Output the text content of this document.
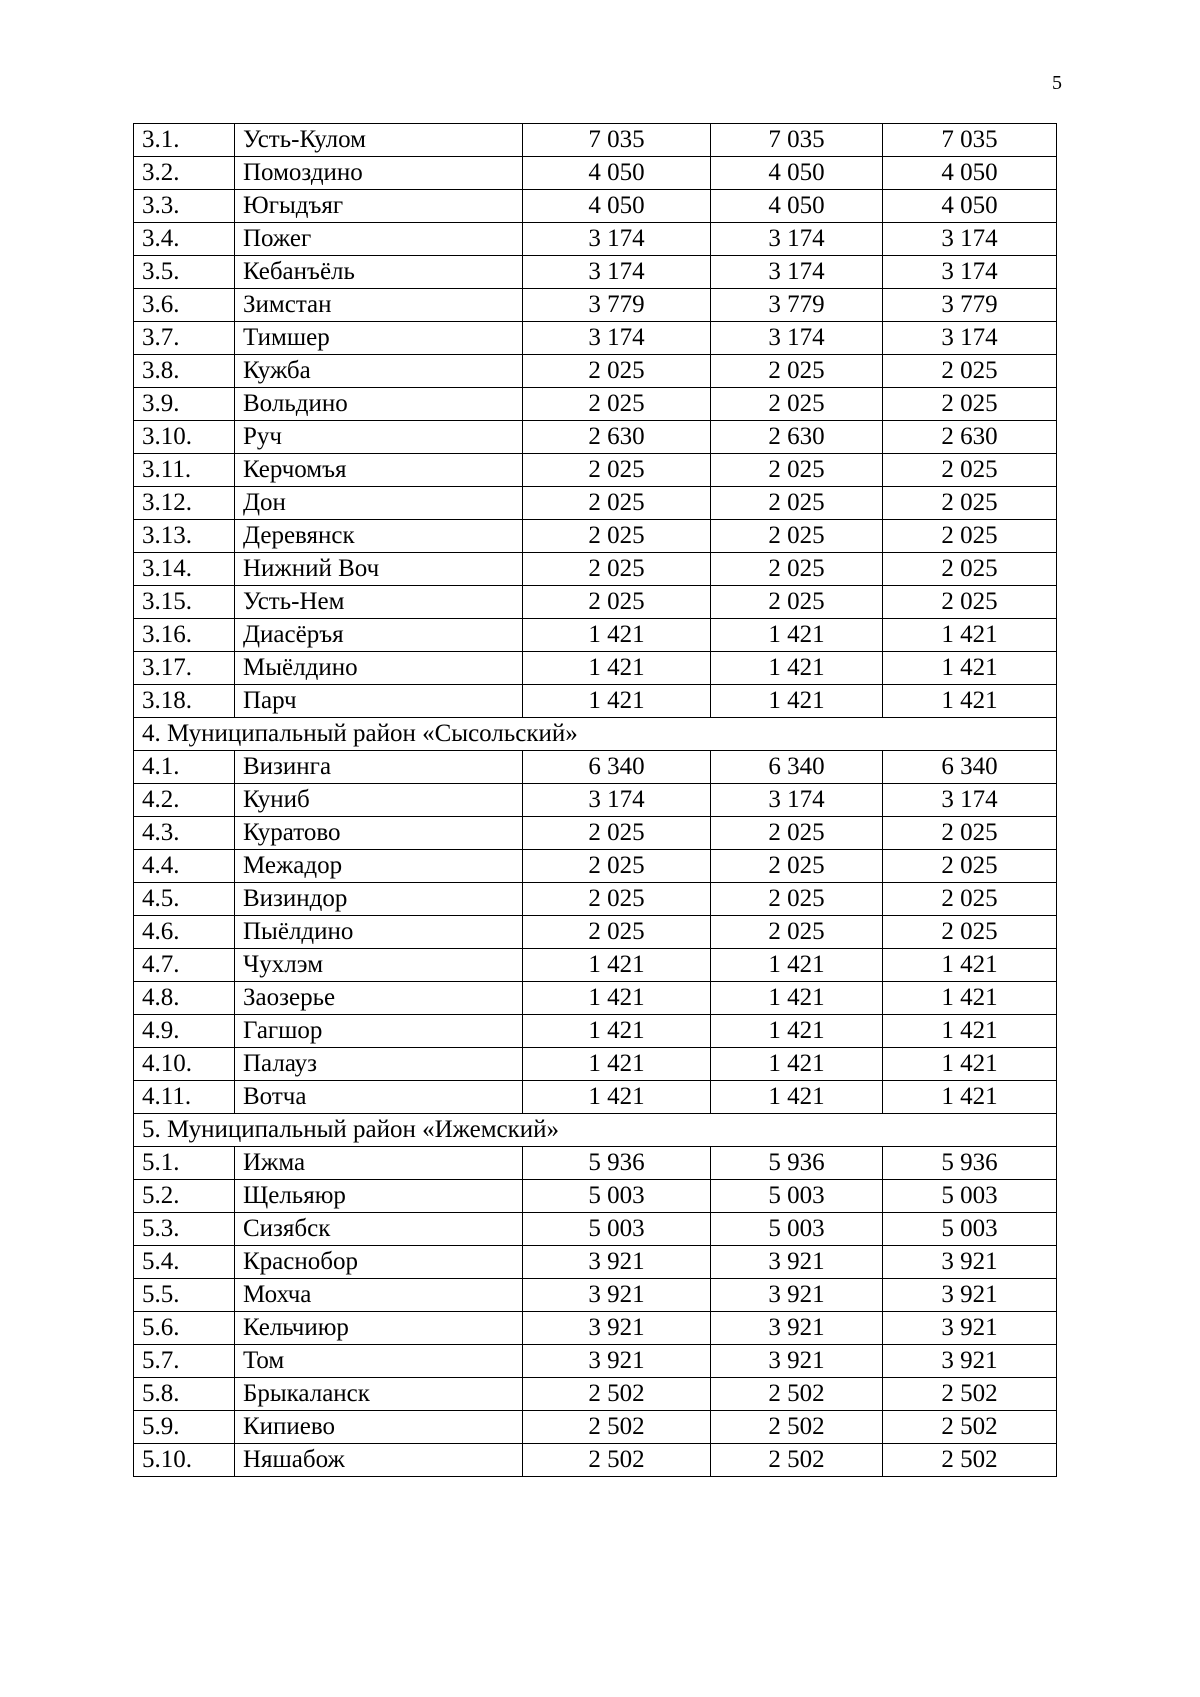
5
3.1.	Усть-Кулом	7 035	7 035	7 035
3.2.	Помоздино	4 050	4 050	4 050
3.3.	Югыдъяг	4 050	4 050	4 050
3.4.	Пожег	3 174	3 174	3 174
3.5.	Кебанъёль	3 174	3 174	3 174
3.6.	Зимстан	3 779	3 779	3 779
3.7.	Тимшер	3 174	3 174	3 174
3.8.	Кужба	2 025	2 025	2 025
3.9.	Вольдино	2 025	2 025	2 025
3.10.	Руч	2 630	2 630	2 630
3.11.	Керчомъя	2 025	2 025	2 025
3.12.	Дон	2 025	2 025	2 025
3.13.	Деревянск	2 025	2 025	2 025
3.14.	Нижний Воч	2 025	2 025	2 025
3.15.	Усть-Нем	2 025	2 025	2 025
3.16.	Диасёръя	1 421	1 421	1 421
3.17.	Мыёлдино	1 421	1 421	1 421
3.18.	Парч	1 421	1 421	1 421
4. Муниципальный район «Сысольский»				
4.1.	Визинга	6 340	6 340	6 340
4.2.	Куниб	3 174	3 174	3 174
4.3.	Куратово	2 025	2 025	2 025
4.4.	Межадор	2 025	2 025	2 025
4.5.	Визиндор	2 025	2 025	2 025
4.6.	Пыёлдино	2 025	2 025	2 025
4.7.	Чухлэм	1 421	1 421	1 421
4.8.	Заозерье	1 421	1 421	1 421
4.9.	Гагшор	1 421	1 421	1 421
4.10.	Палауз	1 421	1 421	1 421
4.11.	Вотча	1 421	1 421	1 421
5. Муниципальный район «Ижемский»				
5.1.	Ижма	5 936	5 936	5 936
5.2.	Щельяюр	5 003	5 003	5 003
5.3.	Сизябск	5 003	5 003	5 003
5.4.	Краснобор	3 921	3 921	3 921
5.5.	Мохча	3 921	3 921	3 921
5.6.	Кельчиюр	3 921	3 921	3 921
5.7.	Том	3 921	3 921	3 921
5.8.	Брыкаланск	2 502	2 502	2 502
5.9.	Кипиево	2 502	2 502	2 502
5.10.	Няшабож	2 502	2 502	2 502
